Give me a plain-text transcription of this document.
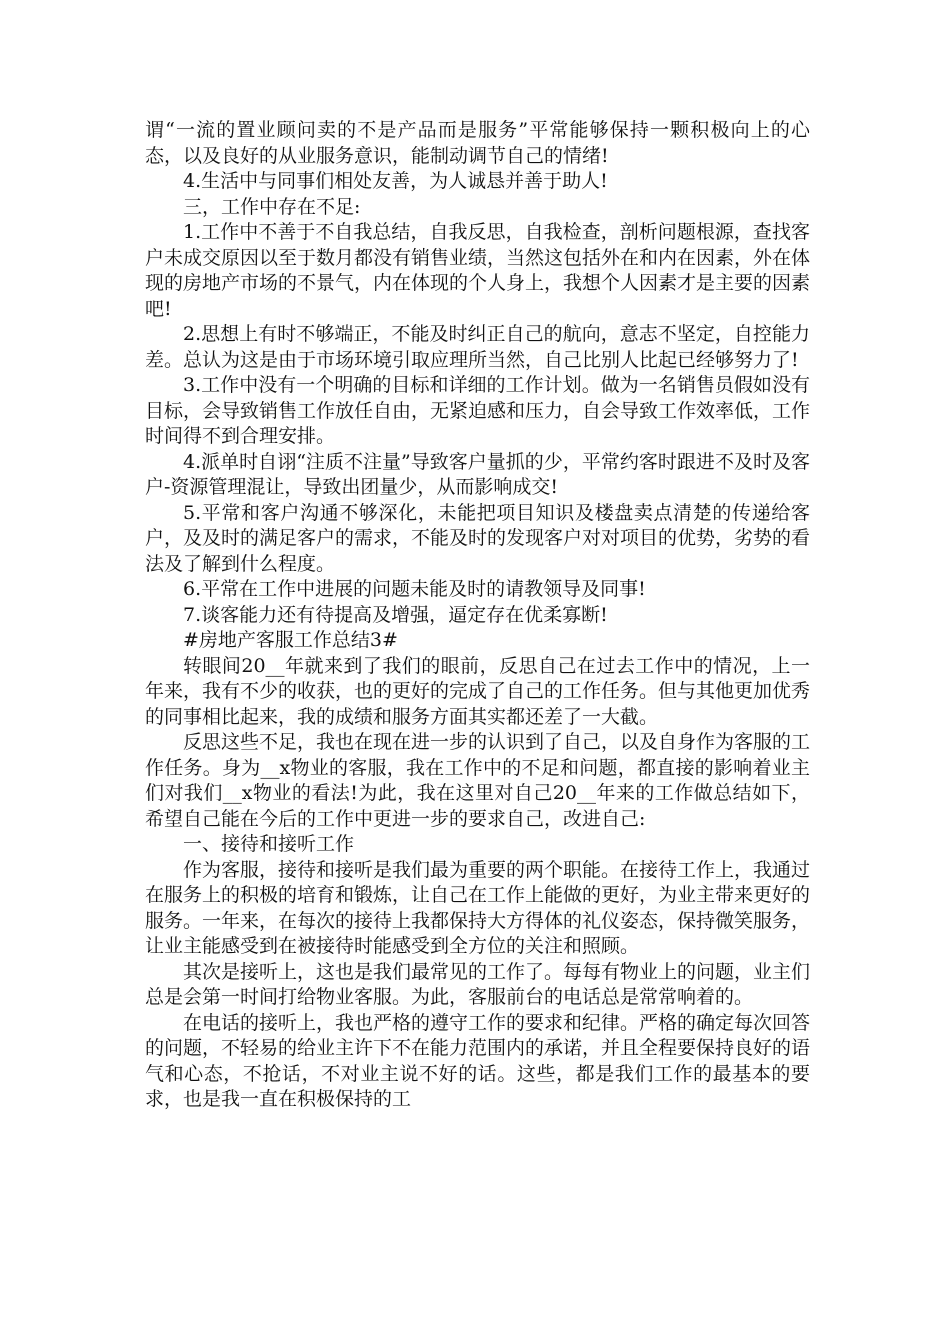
谓“一流的置业顾问卖的不是产品而是服务”平常能够保持一颗积极向上的心态，以及良好的从业服务意识，能制动调节自己的情绪!

4.生活中与同事们相处友善，为人诚恳并善于助人!

三，工作中存在不足:

1.工作中不善于不自我总结，自我反思，自我检查，剖析问题根源，查找客户未成交原因以至于数月都没有销售业绩，当然这包括外在和内在因素，外在体现的房地产市场的不景气，内在体现的个人身上，我想个人因素才是主要的因素吧!

2.思想上有时不够端正，不能及时纠正自己的航向，意志不坚定，自控能力差。总认为这是由于市场环境引取应理所当然，自己比别人比起已经够努力了!

3.工作中没有一个明确的目标和详细的工作计划。做为一名销售员假如没有目标，会导致销售工作放任自由，无紧迫感和压力，自会导致工作效率低，工作时间得不到合理安排。

4.派单时自诩“注质不注量”导致客户量抓的少，平常约客时跟进不及时及客户-资源管理混让，导致出团量少，从而影响成交!

5.平常和客户沟通不够深化，未能把项目知识及楼盘卖点清楚的传递给客户，及及时的满足客户的需求，不能及时的发现客户对对项目的优势，劣势的看法及了解到什么程度。

6.平常在工作中进展的问题未能及时的请教领导及同事!

7.谈客能力还有待提高及增强，逼定存在优柔寡断!

#房地产客服工作总结3#

转眼间20__年就来到了我们的眼前，反思自己在过去工作中的情况，上一年来，我有不少的收获，也的更好的完成了自己的工作任务。但与其他更加优秀的同事相比起来，我的成绩和服务方面其实都还差了一大截。

反思这些不足，我也在现在进一步的认识到了自己，以及自身作为客服的工作任务。身为__x物业的客服，我在工作中的不足和问题，都直接的影响着业主们对我们__x物业的看法!为此，我在这里对自己20__年来的工作做总结如下，希望自己能在今后的工作中更进一步的要求自己，改进自己:

一、接待和接听工作

作为客服，接待和接听是我们最为重要的两个职能。在接待工作上，我通过在服务上的积极的培育和锻炼，让自己在工作上能做的更好，为业主带来更好的服务。一年来，在每次的接待上我都保持大方得体的礼仪姿态，保持微笑服务，让业主能感受到在被接待时能感受到全方位的关注和照顾。

其次是接听上，这也是我们最常见的工作了。每每有物业上的问题，业主们总是会第一时间打给物业客服。为此，客服前台的电话总是常常响着的。

在电话的接听上，我也严格的遵守工作的要求和纪律。严格的确定每次回答的问题，不轻易的给业主许下不在能力范围内的承诺，并且全程要保持良好的语气和心态，不抢话，不对业主说不好的话。这些，都是我们工作的最基本的要求，也是我一直在积极保持的工
